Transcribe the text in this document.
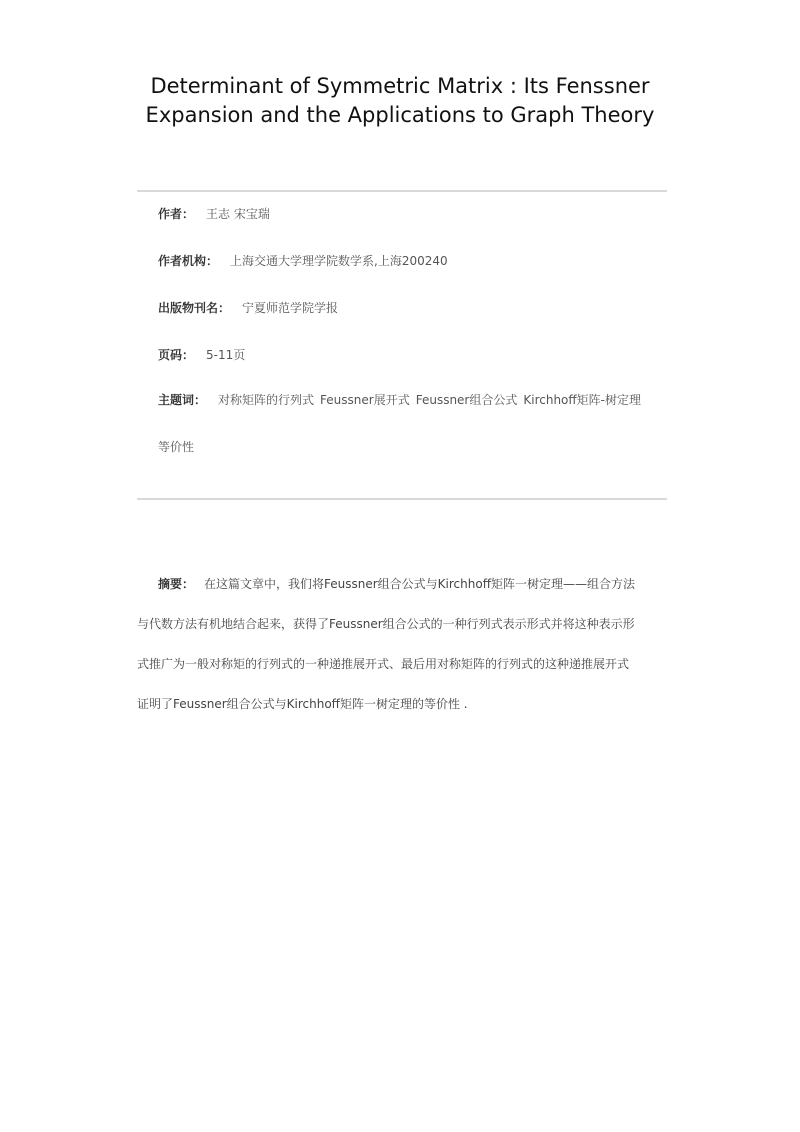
Determinant of Symmetric Matrix : Its Fenssner
Expansion and the Applications to Graph Theory
作者： 王志 宋宝瑞
作者机构： 上海交通大学理学院数学系,上海200240
出版物刊名： 宁夏师范学院学报
页码： 5-11页
主题词： 对称矩阵的行列式 Feussner展开式 Feussner组合公式 Kirchhoff矩阵-树定理
等价性
摘要： 在这篇文章中，我们将Feussner组合公式与Kirchhoff矩阵一树定理——组合方法
与代数方法有机地结合起来，获得了Feussner组合公式的一种行列式表示形式并将这种表示形
式推广为一般对称矩的行列式的一种递推展开式、最后用对称矩阵的行列式的这种递推展开式
证明了Feussner组合公式与Kirchhoff矩阵一树定理的等价性 .
